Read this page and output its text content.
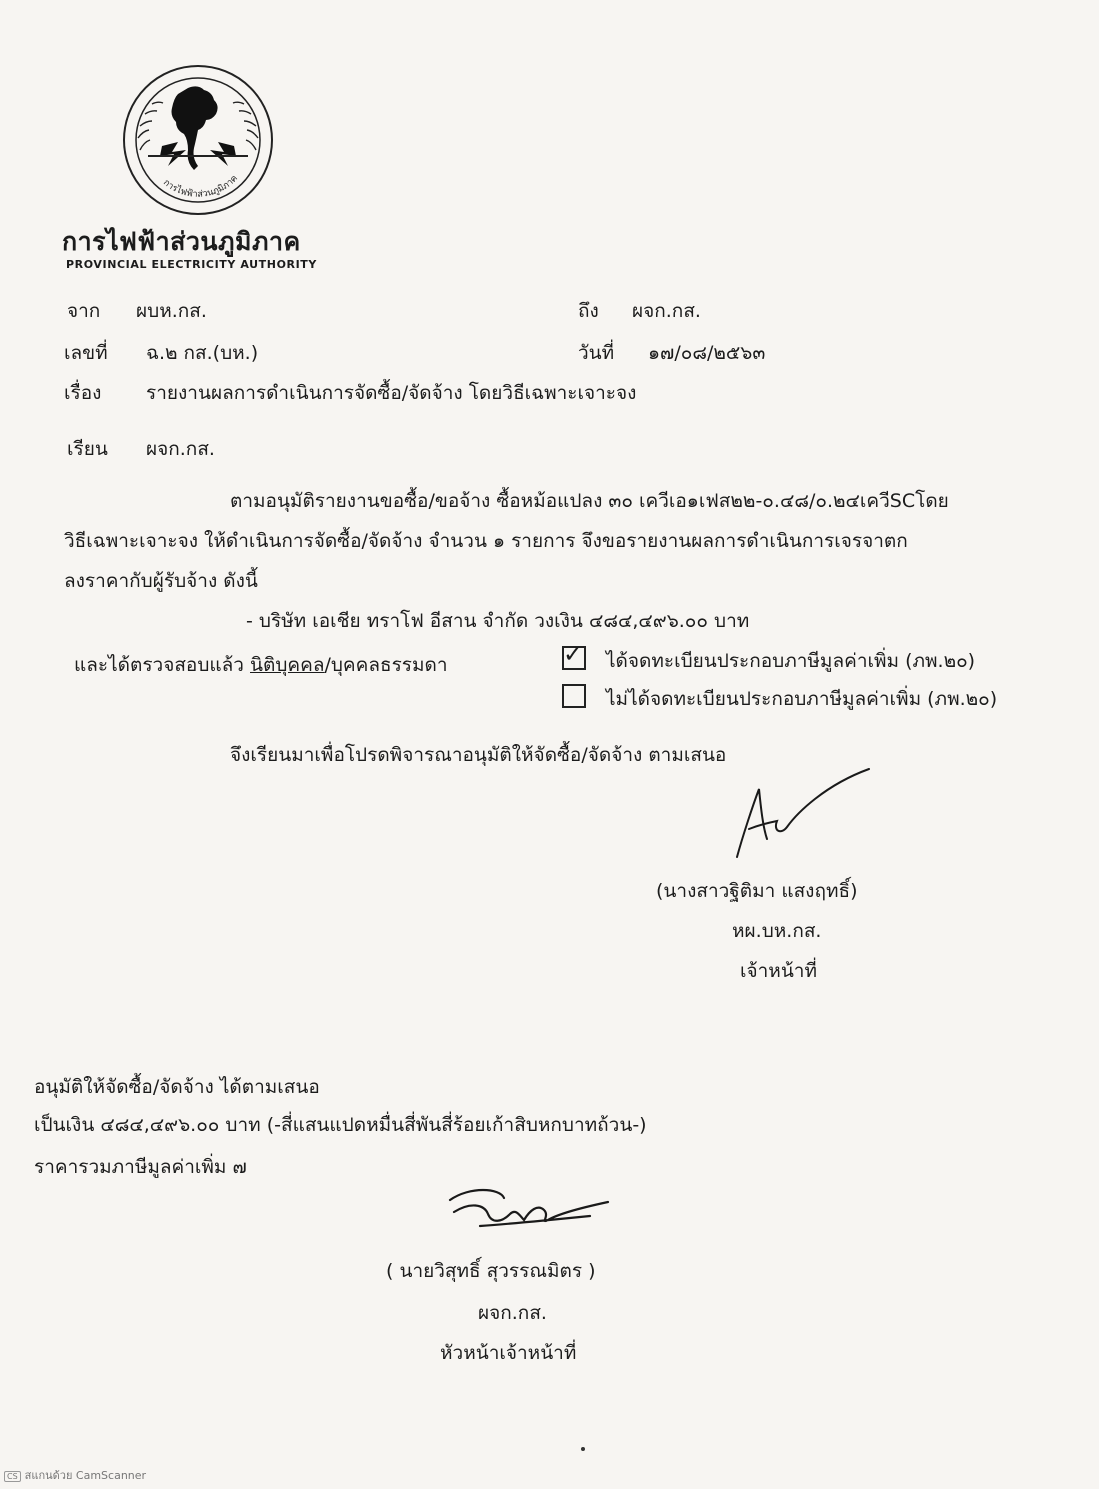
การไฟฟ้าส่วนภูมิภาค
การไฟฟ้าส่วนภูมิภาค
PROVINCIAL ELECTRICITY AUTHORITY
จาก ผบห.กส.	ถึง ผจก.กส.
เลขที่ ฉ.๒ กส.(บห.)	วันที่ ๑๗/๐๘/๒๕๖๓
เรื่อง รายงานผลการดำเนินการจัดซื้อ/จัดจ้าง โดยวิธีเฉพาะเจาะจง
เรียน ผจก.กส.
ตามอนุมัติรายงานขอซื้อ/ขอจ้าง ซื้อหม้อแปลง ๓๐ เควีเอ๑เฟส๒๒-๐.๔๘/๐.๒๔เควีSCโดย
วิธีเฉพาะเจาะจง ให้ดำเนินการจัดซื้อ/จัดจ้าง จำนวน ๑ รายการ จึงขอรายงานผลการดำเนินการเจรจาตก
ลงราคากับผู้รับจ้าง ดังนี้
- บริษัท เอเชีย ทราโฟ อีสาน จำกัด วงเงิน ๔๘๔,๔๙๖.๐๐ บาท
และได้ตรวจสอบแล้ว นิติบุคคล/บุคคลธรรมดา	✓ ได้จดทะเบียนประกอบภาษีมูลค่าเพิ่ม (ภพ.๒๐)
ไม่ได้จดทะเบียนประกอบภาษีมูลค่าเพิ่ม (ภพ.๒๐)
จึงเรียนมาเพื่อโปรดพิจารณาอนุมัติให้จัดซื้อ/จัดจ้าง ตามเสนอ
(นางสาวฐิติมา แสงฤทธิ์)
หผ.บห.กส.
เจ้าหน้าที่
อนุมัติให้จัดซื้อ/จัดจ้าง ได้ตามเสนอ
เป็นเงิน ๔๘๔,๔๙๖.๐๐ บาท (-สี่แสนแปดหมื่นสี่พันสี่ร้อยเก้าสิบหกบาทถ้วน-)
ราคารวมภาษีมูลค่าเพิ่ม ๗
( นายวิสุทธิ์ สุวรรณมิตร )
ผจก.กส.
หัวหน้าเจ้าหน้าที่
CS สแกนด้วย CamScanner
